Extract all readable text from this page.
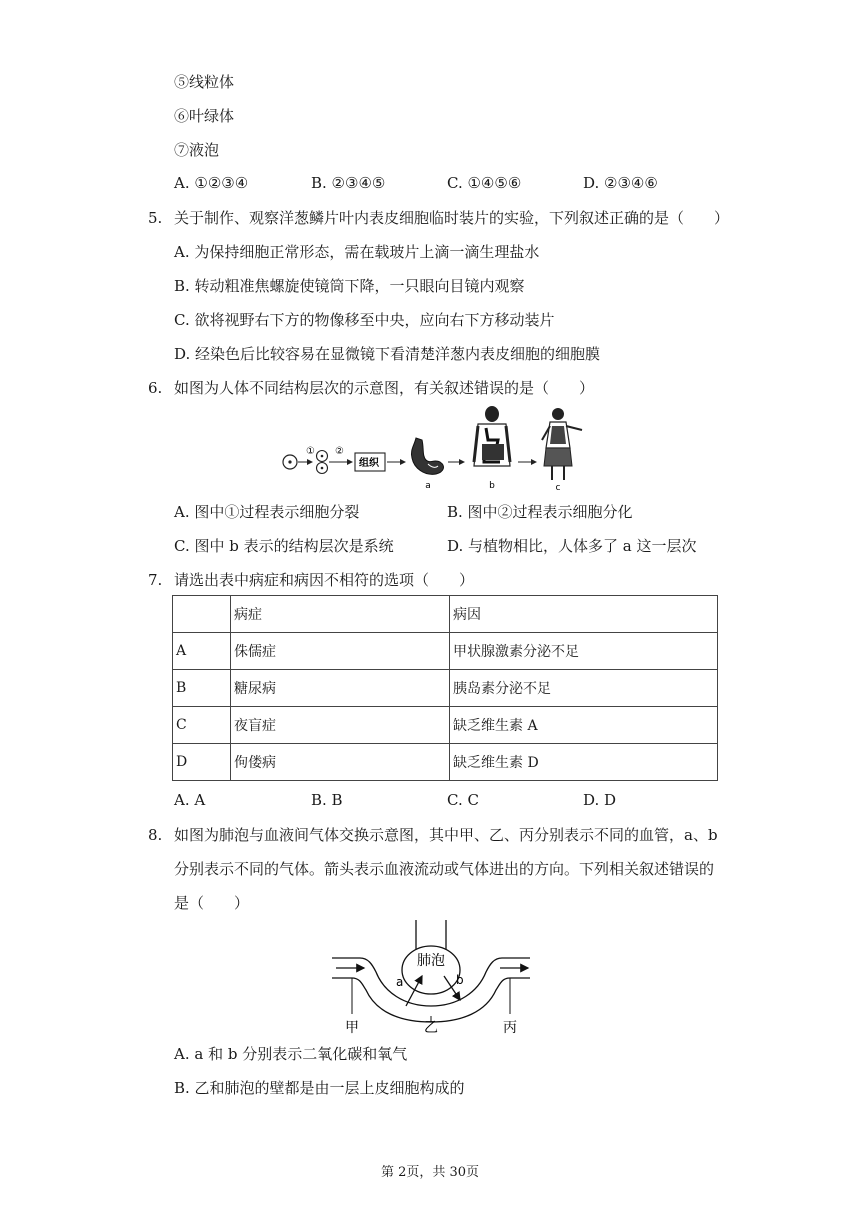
⑤线粒体
⑥叶绿体
⑦液泡
A. ①②③④	B. ②③④⑤	C. ①④⑤⑥	D. ②③④⑥
5. 关于制作、观察洋葱鳞片叶内表皮细胞临时装片的实验，下列叙述正确的是（　　）
A. 为保持细胞正常形态，需在载玻片上滴一滴生理盐水
B. 转动粗准焦螺旋使镜筒下降，一只眼向目镜内观察
C. 欲将视野右下方的物像移至中央，应向右下方移动装片
D. 经染色后比较容易在显微镜下看清楚洋葱内表皮细胞的细胞膜
6. 如图为人体不同结构层次的示意图，有关叙述错误的是（　　）
① ②
组织
a	b	c
A. 图中①过程表示细胞分裂	B. 图中②过程表示细胞分化
C. 图中 b 表示的结构层次是系统	D. 与植物相比，人体多了 a 这一层次
7. 请选出表中病症和病因不相符的选项（　　）
	病症	病因
A	侏儒症	甲状腺激素分泌不足
B	糖尿病	胰岛素分泌不足
C	夜盲症	缺乏维生素 A
D	佝偻病	缺乏维生素 D
A. A	B. B	C. C	D. D
8. 如图为肺泡与血液间气体交换示意图，其中甲、乙、丙分别表示不同的血管，a、b
分别表示不同的气体。箭头表示血液流动或气体进出的方向。下列相关叙述错误的
是（　　）
肺泡
a	b
甲	乙	丙
A. a 和 b 分别表示二氧化碳和氧气
B. 乙和肺泡的壁都是由一层上皮细胞构成的
第 2页，共 30页
